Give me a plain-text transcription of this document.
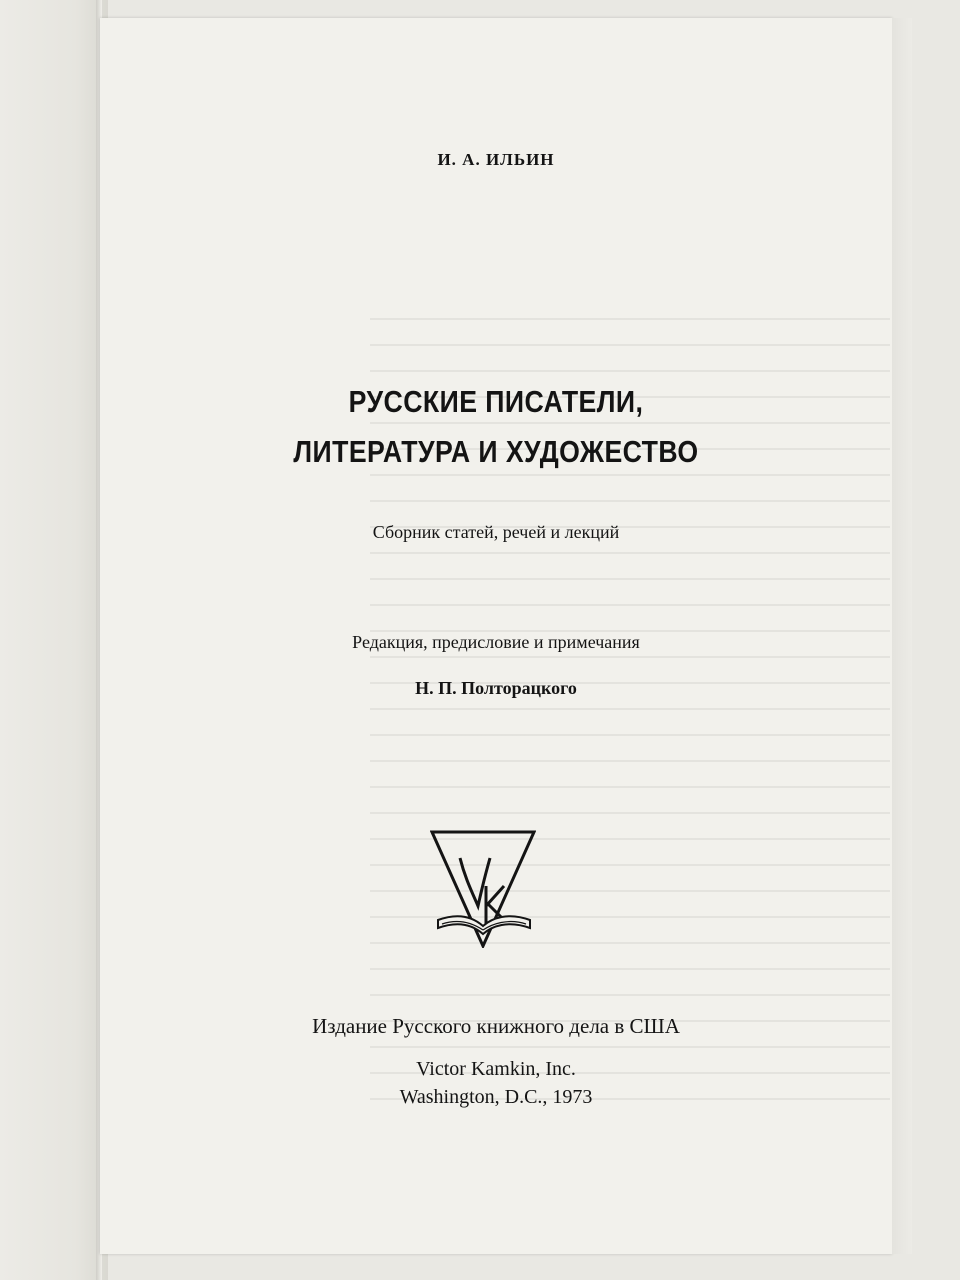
И. А. ИЛЬИН
РУССКИЕ ПИСАТЕЛИ,
ЛИТЕРАТУРА И ХУДОЖЕСТВО
Сборник статей, речей и лекций
Редакция, предисловие и примечания
Н. П. Полторацкого
Издание Русского книжного дела в США
Victor Kamkin, Inc.
Washington, D.C., 1973
